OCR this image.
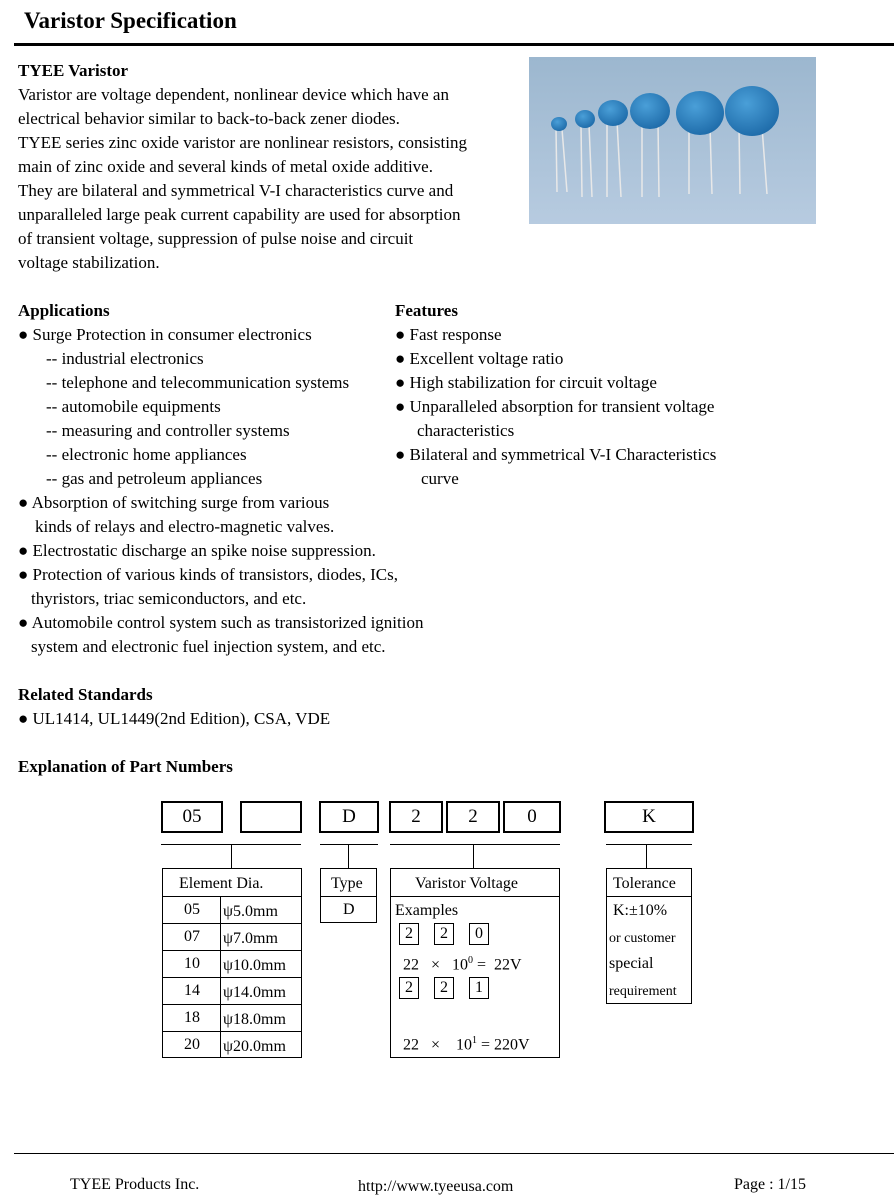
Varistor Specification
TYEE Varistor
Varistor are voltage dependent, nonlinear device which have an
electrical behavior similar to back-to-back zener diodes.
TYEE series zinc oxide varistor are nonlinear resistors, consisting
main of zinc oxide and several kinds of metal oxide additive.
They are bilateral and symmetrical V-I characteristics curve and
unparalleled large peak current capability are used for absorption
of transient voltage, suppression of pulse noise and circuit
voltage stabilization.
Applications
● Surge Protection in consumer electronics
-- industrial electronics
-- telephone and telecommunication systems
-- automobile equipments
-- measuring and controller systems
-- electronic home appliances
-- gas and petroleum appliances
● Absorption of switching surge from various
kinds of relays and electro-magnetic valves.
● Electrostatic discharge an spike noise suppression.
● Protection of various kinds of transistors, diodes, ICs,
thyristors, triac semiconductors, and etc.
● Automobile control system such as transistorized ignition
system and electronic fuel injection system, and etc.
Features
● Fast response
● Excellent voltage ratio
● High stabilization for circuit voltage
● Unparalleled absorption for transient voltage
characteristics
● Bilateral and symmetrical V-I Characteristics
curve
Related Standards
● UL1414, UL1449(2nd Edition), CSA, VDE
Explanation of Part Numbers
05	D	2	2	0	K
Element Dia.
05 ψ5.0mm
07 ψ7.0mm
10 ψ10.0mm
14 ψ14.0mm
18 ψ18.0mm
20 ψ20.0mm
Type
D
Varistor Voltage
Examples
2	2	0
$22 \times 10^0 = 22V$
2	2	1
22   ×    $10^1 = 220V$
Tolerance
K:±10%
or customer
special
requirement
TYEE Products Inc.	http://www.tyeeusa.com	Page : 1/15
